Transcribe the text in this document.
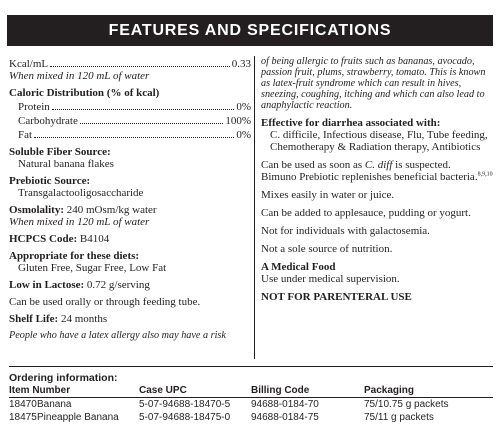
FEATURES AND SPECIFICATIONS
Kcal/mL	0.33
When mixed in 120 mL of water
Caloric Distribution (% of kcal)
Protein	0%
Carbohydrate	100%
Fat	0%
Soluble Fiber Source:
Natural banana flakes
Prebiotic Source:
Transgalactooligosaccharide
Osmolality: 240 mOsm/kg water
When mixed in 120 mL of water
HCPCS Code: B4104
Appropriate for these diets:
Gluten Free, Sugar Free, Low Fat
Low in Lactose: 0.72 g/serving
Can be used orally or through feeding tube.
Shelf Life: 24 months
People who have a latex allergy also may have a risk
of being allergic to fruits such as bananas, avocado, passion fruit, plums, strawberry, tomato. This is known as latex-fruit syndrome which can result in hives, sneezing, coughing, itching and which can also lead to anaphylactic reaction.
Effective for diarrhea associated with:
C. difficile, Infectious disease, Flu, Tube feeding, Chemotherapy & Radiation therapy, Antibiotics
Can be used as soon as C. diff is suspected.
Bimuno Prebiotic replenishes beneficial bacteria.$^{8,9,10}$
Mixes easily in water or juice.
Can be added to applesauce, pudding or yogurt.
Not for individuals with galactosemia.
Not a sole source of nutrition.
A Medical Food
Use under medical supervision.
NOT FOR PARENTERAL USE
Ordering information:
Item Number	Case UPC	Billing Code	Packaging
18470Banana	5-07-94688-18470-5	94688-0184-70	75/10.75 g packets
18475Pineapple Banana	5-07-94688-18475-0	94688-0184-75	75/11 g packets
